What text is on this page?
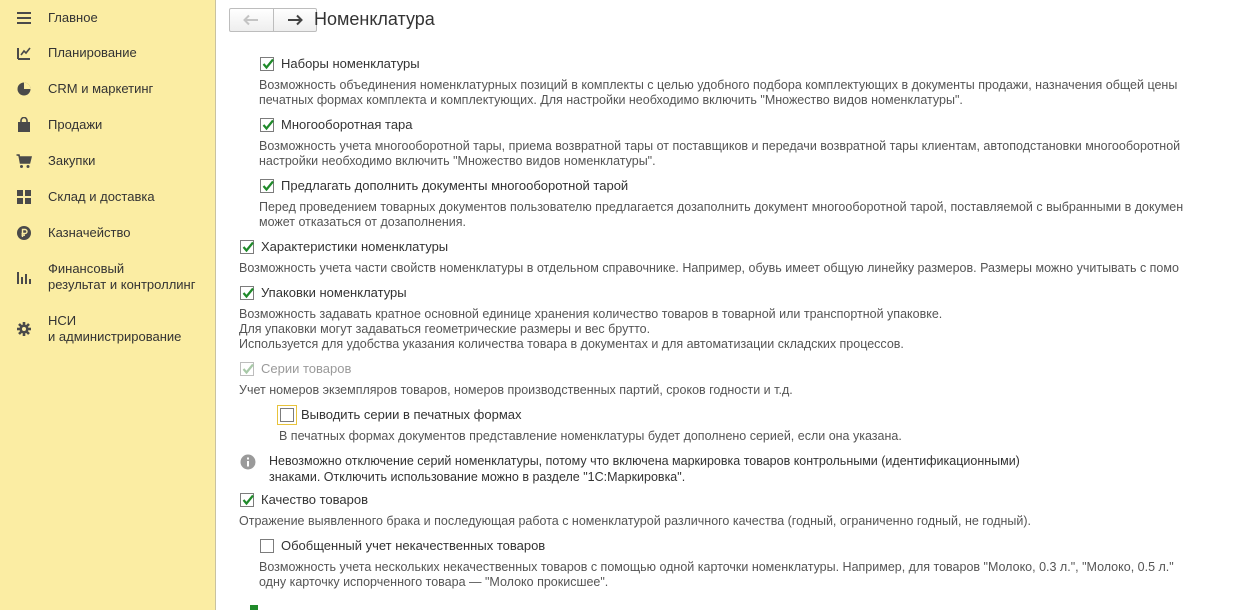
Главное
Планирование
CRM и маркетинг
Продажи
Закупки
Склад и доставка
Казначейство
Финансовый
результат и контроллинг
НСИ
и администрирование
Номенклатура
Наборы номенклатуры
Возможность объединения номенклатурных позиций в комплекты с целью удобного подбора комплектующих в документы продажи, назначения общей цены
печатных формах комплекта и комплектующих. Для настройки необходимо включить "Множество видов номенклатуры".
Многооборотная тара
Возможность учета многооборотной тары, приема возвратной тары от поставщиков и передачи возвратной тары клиентам, автоподстановки многооборотной
настройки необходимо включить "Множество видов номенклатуры".
Предлагать дополнить документы многооборотной тарой
Перед проведением товарных документов пользователю предлагается дозаполнить документ многооборотной тарой, поставляемой с выбранными в докумен
может отказаться от дозаполнения.
Характеристики номенклатуры
Возможность учета части свойств номенклатуры в отдельном справочнике. Например, обувь имеет общую линейку размеров. Размеры можно учитывать с помо
Упаковки номенклатуры
Возможность задавать кратное основной единице хранения количество товаров в товарной или транспортной упаковке.
Для упаковки могут задаваться геометрические размеры и вес брутто.
Используется для удобства указания количества товара в документах и для автоматизации складских процессов.
Серии товаров
Учет номеров экземпляров товаров, номеров производственных партий, сроков годности и т.д.
Выводить серии в печатных формах
В печатных формах документов представление номенклатуры будет дополнено серией, если она указана.
Невозможно отключение серий номенклатуры, потому что включена маркировка товаров контрольными (идентификационными)
знаками. Отключить использование можно в разделе "1С:Маркировка".
Качество товаров
Отражение выявленного брака и последующая работа с номенклатурой различного качества (годный, ограниченно годный, не годный).
Обобщенный учет некачественных товаров
Возможность учета нескольких некачественных товаров с помощью одной карточки номенклатуры. Например, для товаров "Молоко, 0.3 л.", "Молоко, 0.5 л."
одну карточку испорченного товара — "Молоко прокисшее".
